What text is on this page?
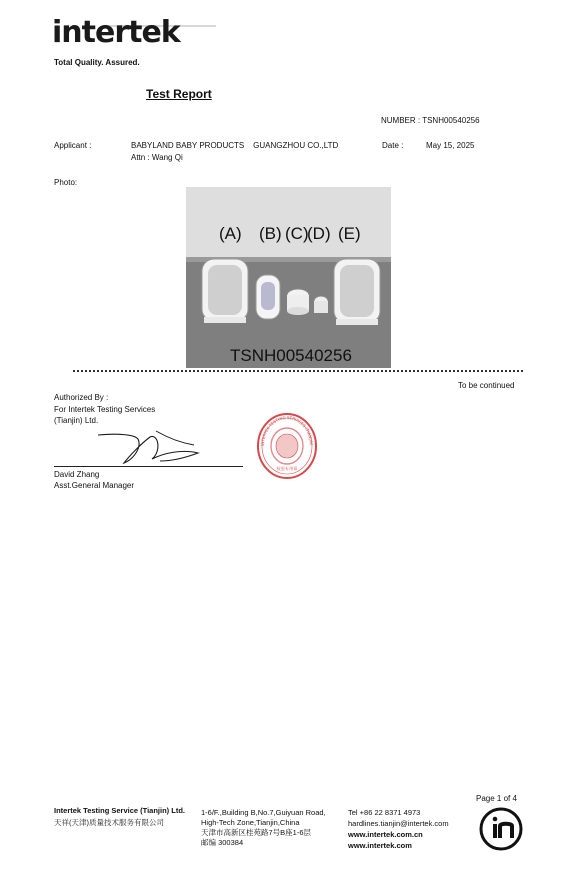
intertek
Total Quality. Assured.
Test Report
NUMBER : TSNH00540256
Applicant :	BABYLAND BABY PRODUCTS    GUANGZHOU CO.,LTD
Attn : Wang Qi
Date :	May 15, 2025
Photo:
(A) (B) (C)
(D) (E)
TSNH00540256
To be continued
Authorized By :
For Intertek Testing Services
(Tianjin) Ltd.
David Zhang
Asst.General Manager
INTERTEK TESTING SERVICES (TIANJIN)
检验专用章
Intertek Testing Service (Tianjin) Ltd.
天祥(天津)质量技术服务有限公司
1-6/F.,Building B,No.7,Guiyuan Road,
High-Tech Zone,Tianjin,China
天津市高新区桂苑路7号B座1-6层
邮编 300384
Tel +86 22 8371 4973
hardlines.tianjin@intertek.com
www.intertek.com.cn
www.intertek.com
Page 1 of 4
